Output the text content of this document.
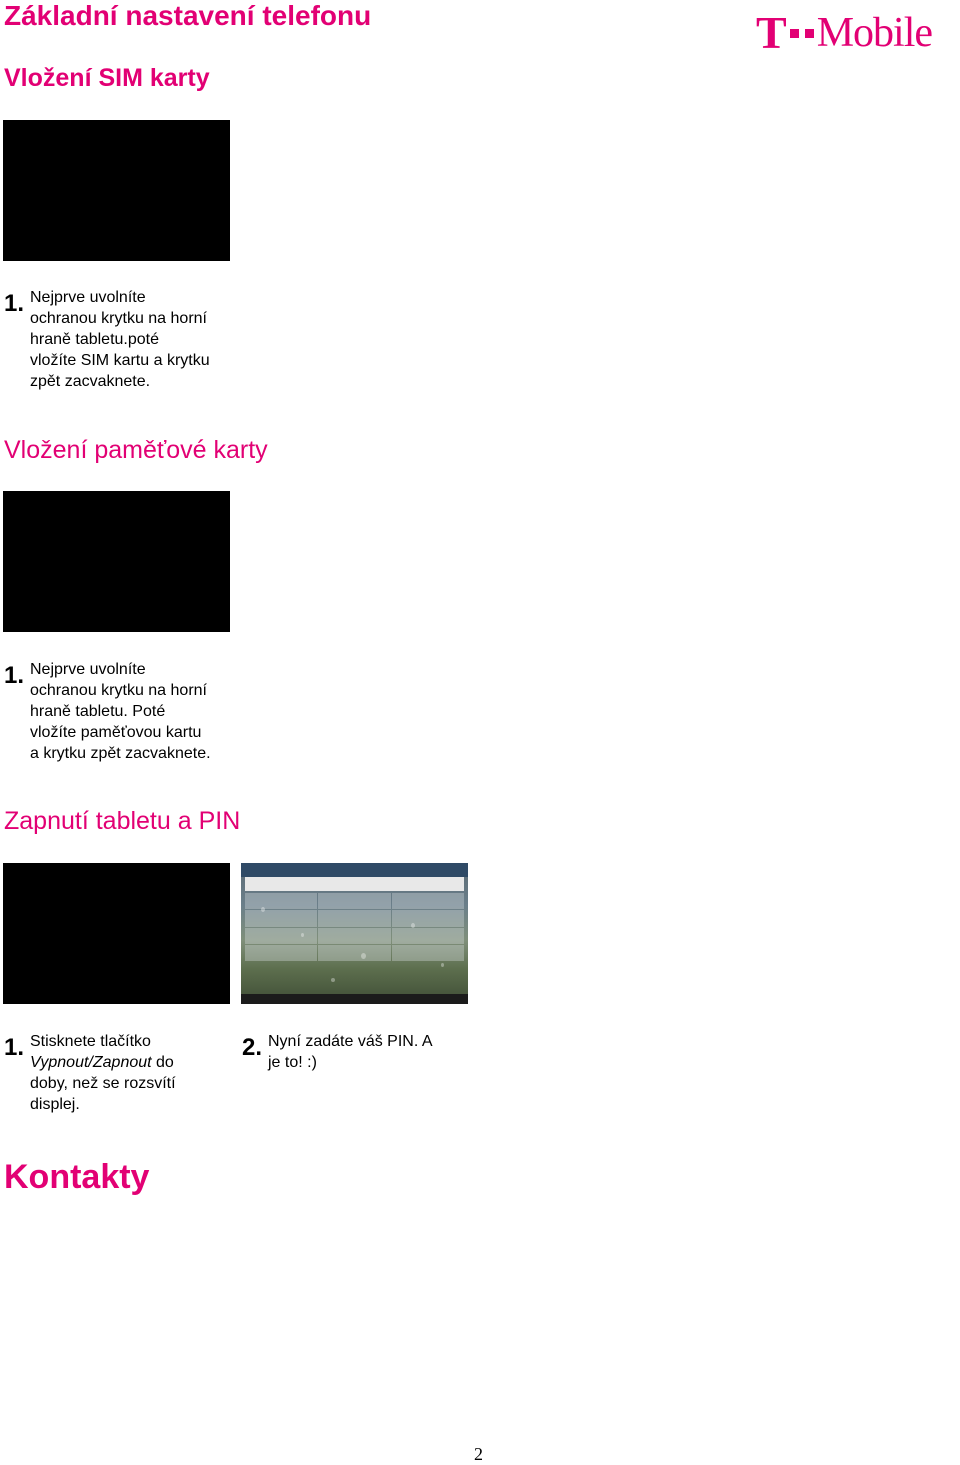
Základní nastavení telefonu	T Mobile
Vložení SIM karty
1. Nejprve uvolníte
ochranou krytku na horní
hraně tabletu.poté
vložíte SIM kartu a krytku
zpět zacvaknete.
Vložení paměťové karty
1. Nejprve uvolníte
ochranou krytku na horní
hraně tabletu. Poté
vložíte paměťovou kartu
a krytku zpět zacvaknete.
Zapnutí tabletu a PIN
1. Stisknete tlačítko
Vypnout/Zapnout do
doby, než se rozsvítí
displej.
2. Nyní zadáte váš PIN. A
je to! :)
Kontakty
2
